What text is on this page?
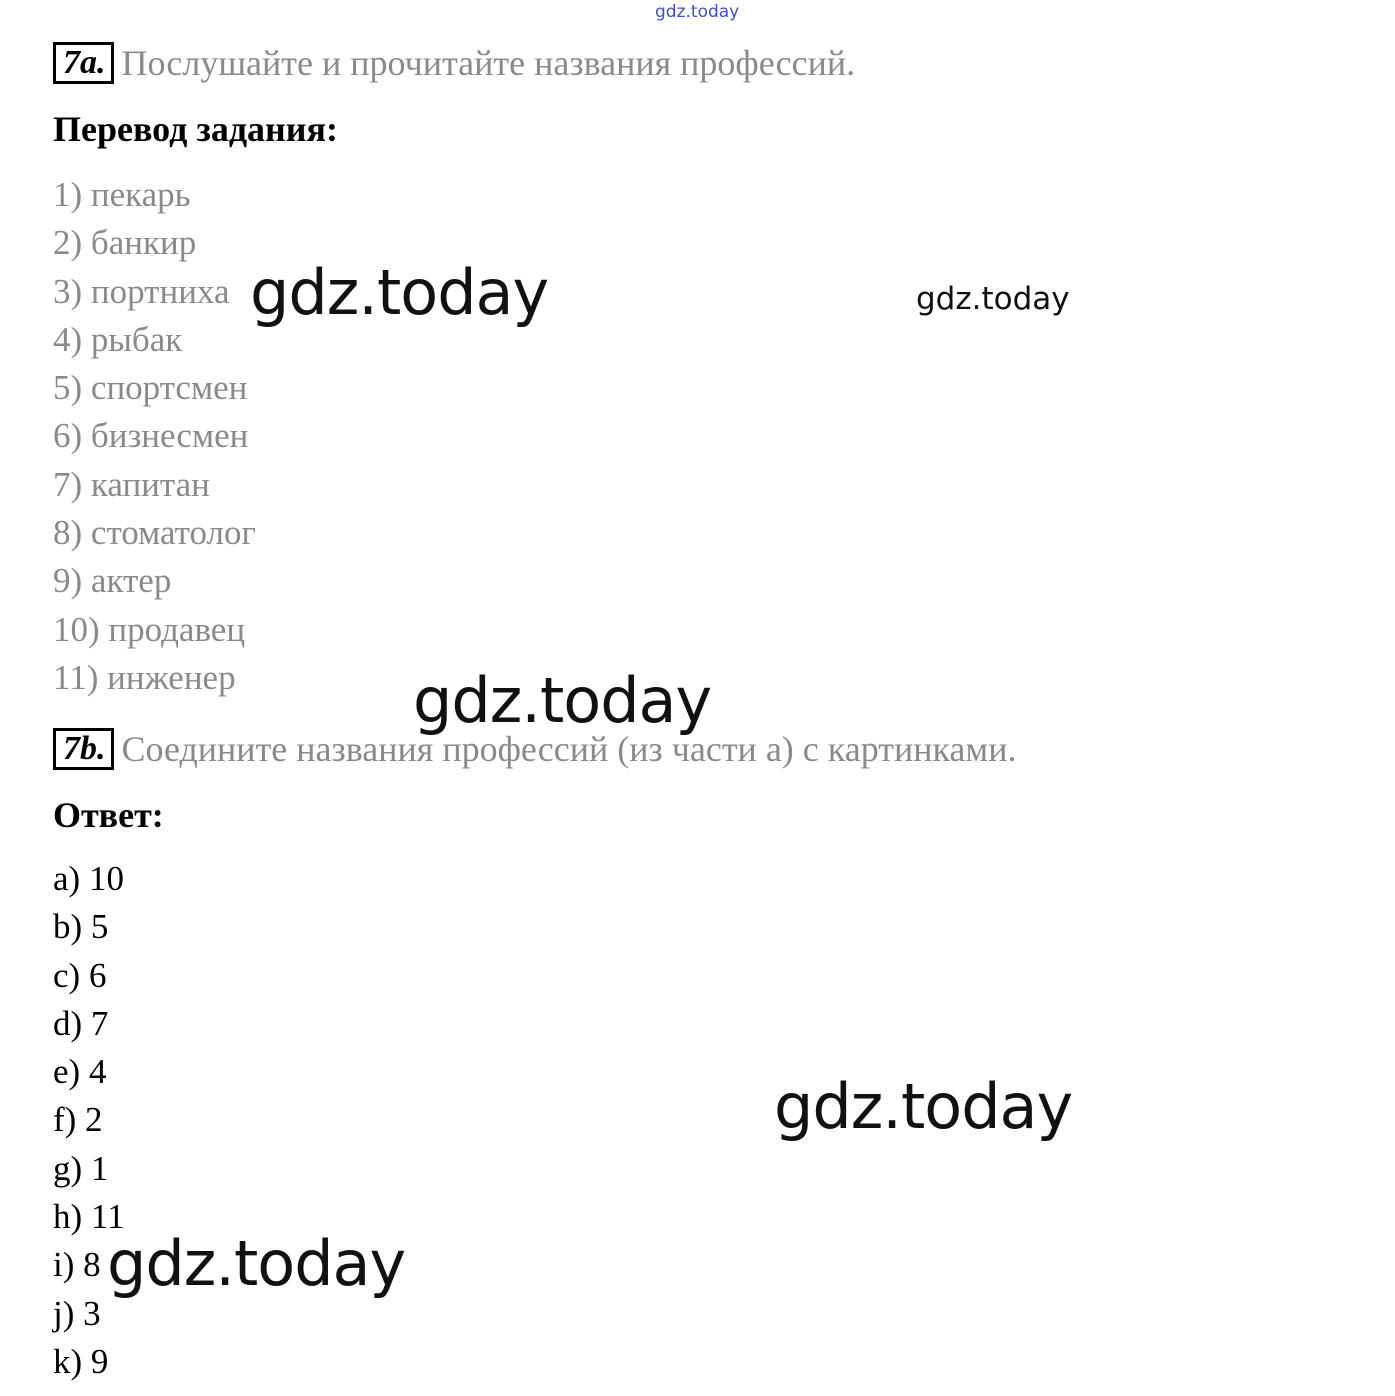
gdz.today
7a. Послушайте и прочитайте названия профессий.
Перевод задания:
1) пекарь
2) банкир
3) портниха
4) рыбак
5) спортсмен
6) бизнесмен
7) капитан
8) стоматолог
9) актер
10) продавец
11) инженер
7b. Соедините названия профессий (из части a) с картинками.
Ответ:
a) 10
b) 5
c) 6
d) 7
e) 4
f) 2
g) 1
h) 11
i) 8
j) 3
k) 9
gdz.today	gdz.today
gdz.today
gdz.today
gdz.today
